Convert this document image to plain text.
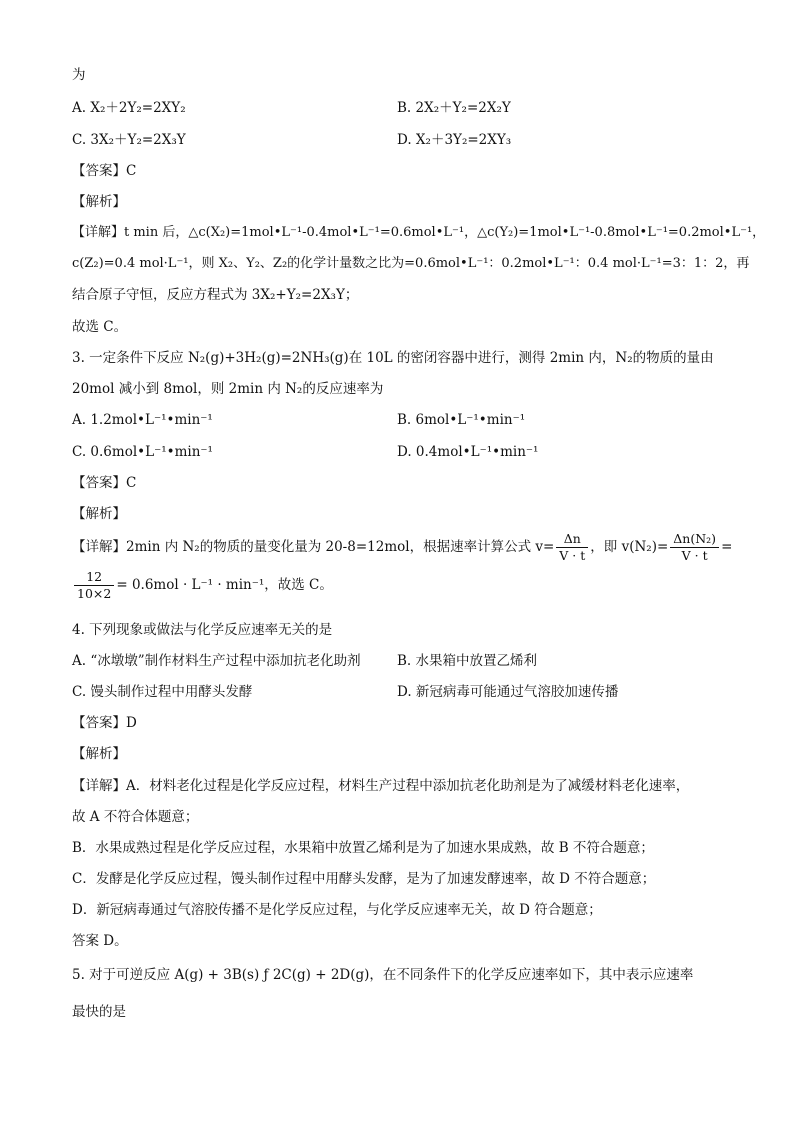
为
A. X₂＋2Y₂=2XY₂	B. 2X₂＋Y₂=2X₂Y
C. 3X₂＋Y₂=2X₃Y	D. X₂＋3Y₂=2XY₃
【答案】C
【解析】
【详解】t min 后，△c(X₂)=1mol•L⁻¹-0.4mol•L⁻¹=0.6mol•L⁻¹，△c(Y₂)=1mol•L⁻¹-0.8mol•L⁻¹=0.2mol•L⁻¹，
c(Z₂)=0.4 mol·L⁻¹，则 X₂、Y₂、Z₂的化学计量数之比为=0.6mol•L⁻¹：0.2mol•L⁻¹：0.4 mol·L⁻¹=3：1：2，再
结合原子守恒，反应方程式为 3X₂+Y₂=2X₃Y；
故选 C。
3. 一定条件下反应 N₂(g)+3H₂(g)=2NH₃(g)在 10L 的密闭容器中进行，测得 2min 内，N₂的物质的量由
20mol 减小到 8mol，则 2min 内 N₂的反应速率为
A. 1.2mol•L⁻¹•min⁻¹	B. 6mol•L⁻¹•min⁻¹
C. 0.6mol•L⁻¹•min⁻¹	D. 0.4mol•L⁻¹•min⁻¹
【答案】C
【解析】
【详解】2min 内 N₂的物质的量变化量为 20-8=12mol，根据速率计算公式 $v= \frac{\Delta n}{V \cdot t}$ ，即 $v(N_2)= \frac{\text{Δn(N₂)}}{V \cdot t}$ =
$\frac{12}{10\times 2} = 0.6mol \cdot L^{-1} \cdot \min^{-1}$，故选 C。
4. 下列现象或做法与化学反应速率无关的是
A. “冰墩墩”制作材料生产过程中添加抗老化助剂	B. 水果箱中放置乙烯利
C. 馒头制作过程中用酵头发酵	D. 新冠病毒可能通过气溶胶加速传播
【答案】D
【解析】
【详解】A．材料老化过程是化学反应过程，材料生产过程中添加抗老化助剂是为了减缓材料老化速率，
故 A 不符合体题意；
B．水果成熟过程是化学反应过程，水果箱中放置乙烯利是为了加速水果成熟，故 B 不符合题意；
C．发酵是化学反应过程，馒头制作过程中用酵头发酵，是为了加速发酵速率，故 D 不符合题意；
D．新冠病毒通过气溶胶传播不是化学反应过程，与化学反应速率无关，故 D 符合题意；
答案 D。
5. 对于可逆反应 A(g) + 3B(s) ƒ 2C(g) + 2D(g)，在不同条件下的化学反应速率如下，其中表示应速率
最快的是
